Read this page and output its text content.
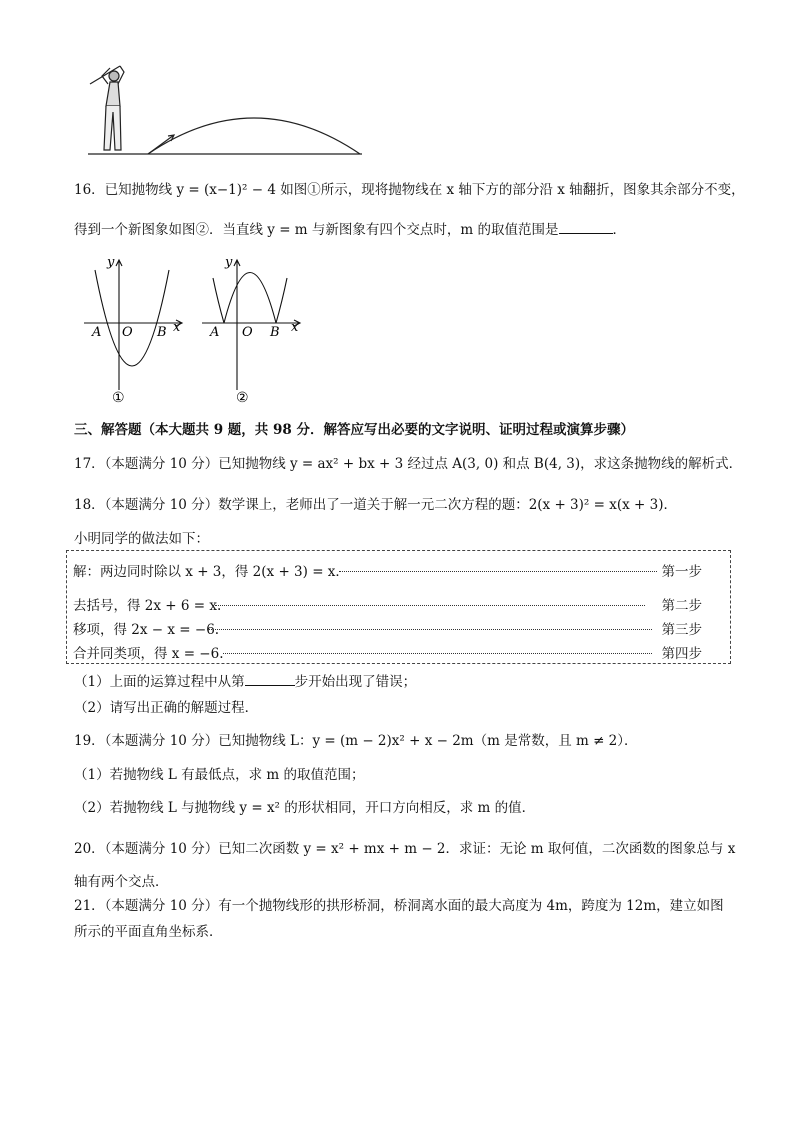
16．已知抛物线 y = (x−1)² − 4 如图①所示，现将抛物线在 x 轴下方的部分沿 x 轴翻折，图象其余部分不变，
得到一个新图象如图②．当直线 y = m 与新图象有四个交点时，m 的取值范围是	．
y
x
A O B
①
y
x
A O B
②
三、解答题（本大题共 9 题，共 98 分．解答应写出必要的文字说明、证明过程或演算步骤）
17．（本题满分 10 分）已知抛物线 y = ax² + bx + 3 经过点 A(3, 0) 和点 B(4, 3)，求这条抛物线的解析式．
18．（本题满分 10 分）数学课上，老师出了一道关于解一元二次方程的题：2(x + 3)² = x(x + 3)．
小明同学的做法如下：
解：两边同时除以 x + 3，得 2(x + 3) = x．	第一步
去括号，得 2x + 6 = x.	第二步
移项，得 2x − x = −6.	第三步
合并同类项，得 x = −6.	第四步
（1）上面的运算过程中从第	步开始出现了错误；
（2）请写出正确的解题过程．
19．（本题满分 10 分）已知抛物线 L：y = (m − 2)x² + x − 2m（m 是常数，且 m ≠ 2）．
（1）若抛物线 L 有最低点，求 m 的取值范围；
（2）若抛物线 L 与抛物线 y = x² 的形状相同，开口方向相反，求 m 的值．
20．（本题满分 10 分）已知二次函数 y = x² + mx + m − 2．求证：无论 m 取何值，二次函数的图象总与 x
轴有两个交点．
21．（本题满分 10 分）有一个抛物线形的拱形桥洞，桥洞离水面的最大高度为 4m，跨度为 12m，建立如图
所示的平面直角坐标系．
